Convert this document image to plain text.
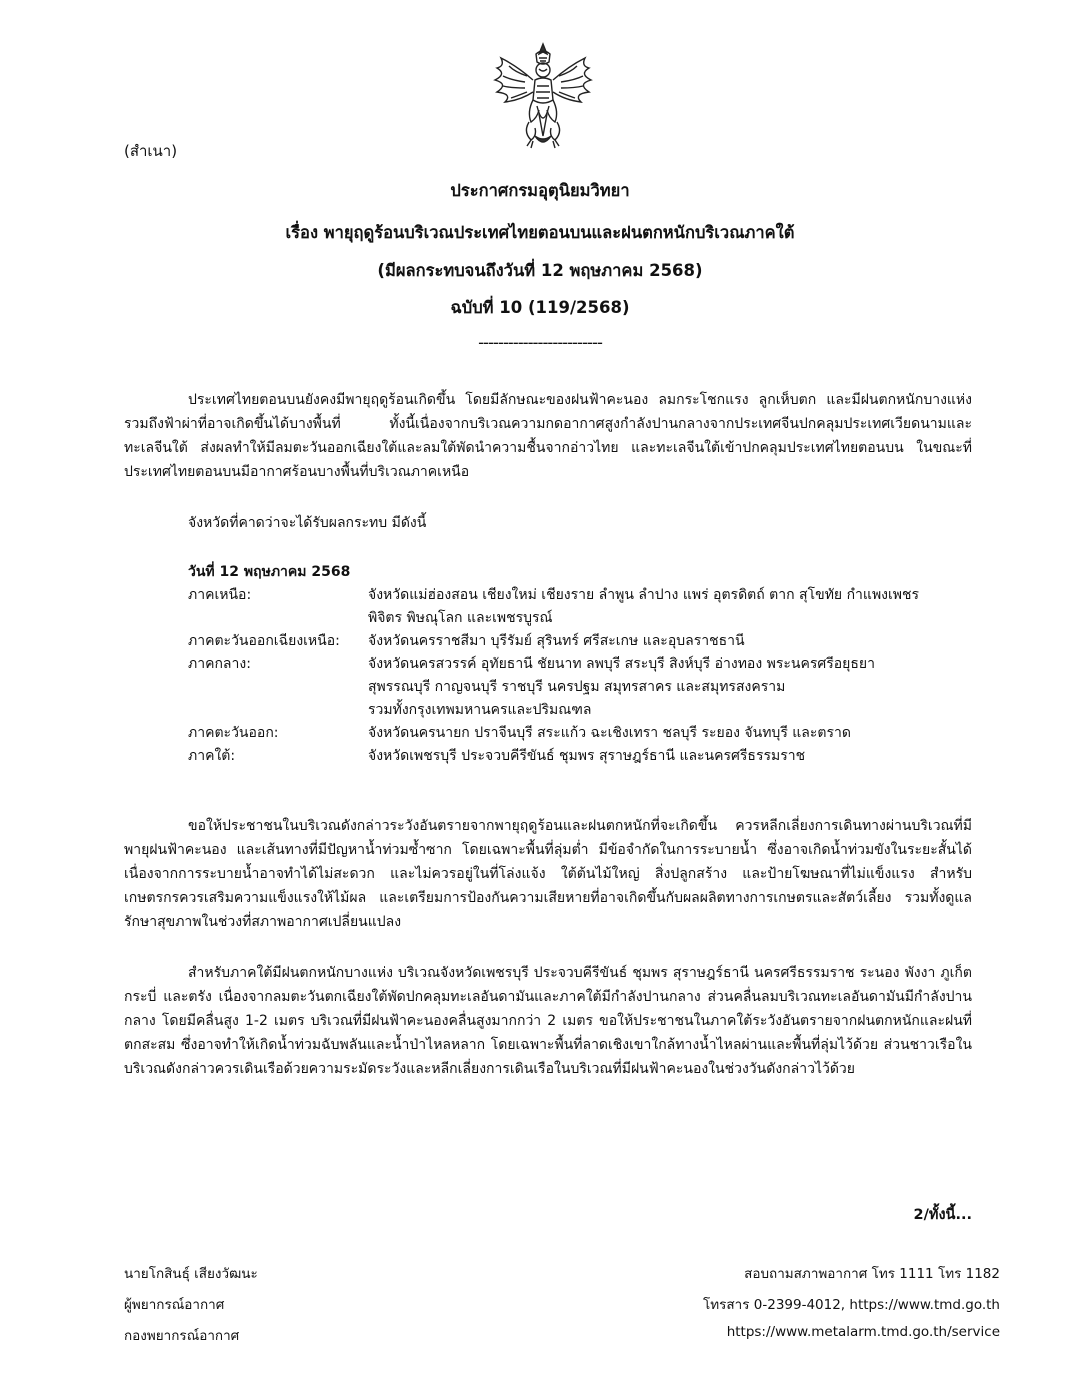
(สำเนา)
ประกาศกรมอุตุนิยมวิทยา
เรื่อง พายุฤดูร้อนบริเวณประเทศไทยตอนบนและฝนตกหนักบริเวณภาคใต้
(มีผลกระทบจนถึงวันที่ 12 พฤษภาคม 2568)
ฉบับที่ 10 (119/2568)
-------------------------
ประเทศไทยตอนบนยังคงมีพายุฤดูร้อนเกิดขึ้น โดยมีลักษณะของฝนฟ้าคะนอง ลมกระโชกแรง ลูกเห็บตก และมีฝนตกหนักบางแห่ง รวมถึงฟ้าผ่าที่อาจเกิดขึ้นได้บางพื้นที่ ทั้งนี้เนื่องจากบริเวณความกดอากาศสูงกำลังปานกลางจากประเทศจีนปกคลุมประเทศเวียดนามและทะเลจีนใต้ ส่งผลทำให้มีลมตะวันออกเฉียงใต้และลมใต้พัดนำความชื้นจากอ่าวไทย และทะเลจีนใต้เข้าปกคลุมประเทศไทยตอนบน ในขณะที่ประเทศไทยตอนบนมีอากาศร้อนบางพื้นที่บริเวณภาคเหนือ
จังหวัดที่คาดว่าจะได้รับผลกระทบ มีดังนี้
วันที่ 12 พฤษภาคม 2568
ภาคเหนือ:	จังหวัดแม่ฮ่องสอน เชียงใหม่ เชียงราย ลำพูน ลำปาง แพร่ อุตรดิตถ์ ตาก สุโขทัย กำแพงเพชร
พิจิตร พิษณุโลก และเพชรบูรณ์
ภาคตะวันออกเฉียงเหนือ:	จังหวัดนครราชสีมา บุรีรัมย์ สุรินทร์ ศรีสะเกษ และอุบลราชธานี
ภาคกลาง:	จังหวัดนครสวรรค์ อุทัยธานี ชัยนาท ลพบุรี สระบุรี สิงห์บุรี อ่างทอง พระนครศรีอยุธยา
สุพรรณบุรี กาญจนบุรี ราชบุรี นครปฐม สมุทรสาคร และสมุทรสงคราม
รวมทั้งกรุงเทพมหานครและปริมณฑล
ภาคตะวันออก:	จังหวัดนครนายก ปราจีนบุรี สระแก้ว ฉะเชิงเทรา ชลบุรี ระยอง จันทบุรี และตราด
ภาคใต้:	จังหวัดเพชรบุรี ประจวบคีรีขันธ์ ชุมพร สุราษฎร์ธานี และนครศรีธรรมราช
ขอให้ประชาชนในบริเวณดังกล่าวระวังอันตรายจากพายุฤดูร้อนและฝนตกหนักที่จะเกิดขึ้น ควรหลีกเลี่ยงการเดินทางผ่านบริเวณที่มีพายุฝนฟ้าคะนอง และเส้นทางที่มีปัญหาน้ำท่วมซ้ำซาก โดยเฉพาะพื้นที่ลุ่มต่ำ มีข้อจำกัดในการระบายน้ำ ซึ่งอาจเกิดน้ำท่วมขังในระยะสั้นได้ เนื่องจากการระบายน้ำอาจทำได้ไม่สะดวก และไม่ควรอยู่ในที่โล่งแจ้ง ใต้ต้นไม้ใหญ่ สิ่งปลูกสร้าง และป้ายโฆษณาที่ไม่แข็งแรง สำหรับเกษตรกรควรเสริมความแข็งแรงให้ไม้ผล และเตรียมการป้องกันความเสียหายที่อาจเกิดขึ้นกับผลผลิตทางการเกษตรและสัตว์เลี้ยง รวมทั้งดูแลรักษาสุขภาพในช่วงที่สภาพอากาศเปลี่ยนแปลง
สำหรับภาคใต้มีฝนตกหนักบางแห่ง บริเวณจังหวัดเพชรบุรี ประจวบคีรีขันธ์ ชุมพร สุราษฎร์ธานี นครศรีธรรมราช ระนอง พังงา ภูเก็ต กระบี่ และตรัง เนื่องจากลมตะวันตกเฉียงใต้พัดปกคลุมทะเลอันดามันและภาคใต้มีกำลังปานกลาง ส่วนคลื่นลมบริเวณทะเลอันดามันมีกำลังปานกลาง โดยมีคลื่นสูง 1-2 เมตร บริเวณที่มีฝนฟ้าคะนองคลื่นสูงมากกว่า 2 เมตร ขอให้ประชาชนในภาคใต้ระวังอันตรายจากฝนตกหนักและฝนที่ตกสะสม ซึ่งอาจทำให้เกิดน้ำท่วมฉับพลันและน้ำป่าไหลหลาก โดยเฉพาะพื้นที่ลาดเชิงเขาใกล้ทางน้ำไหลผ่านและพื้นที่ลุ่มไว้ด้วย ส่วนชาวเรือในบริเวณดังกล่าวควรเดินเรือด้วยความระมัดระวังและหลีกเลี่ยงการเดินเรือในบริเวณที่มีฝนฟ้าคะนองในช่วงวันดังกล่าวไว้ด้วย
2/ทั้งนี้...
นายโกสินธุ์ เสียงวัฒนะ
ผู้พยากรณ์อากาศ
กองพยากรณ์อากาศ
สอบถามสภาพอากาศ โทร 1111 โทร 1182
โทรสาร 0-2399-4012, https://www.tmd.go.th
https://www.metalarm.tmd.go.th/service
